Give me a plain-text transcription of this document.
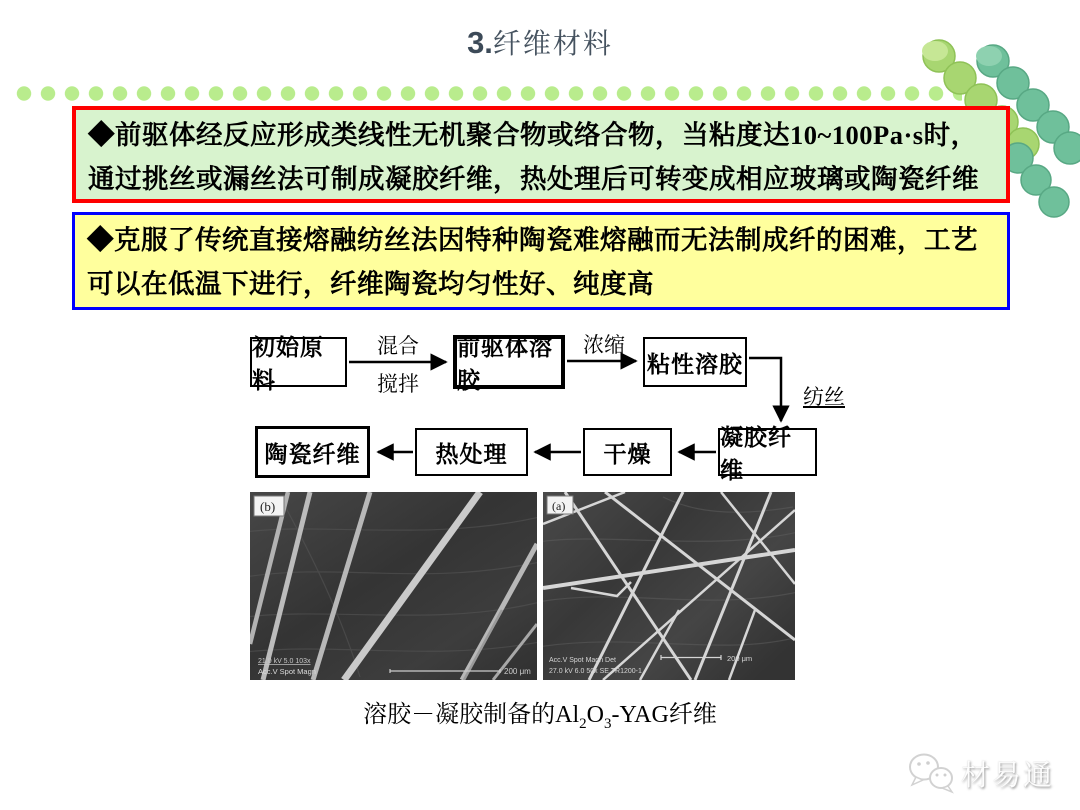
3.纤维材料
◆前驱体经反应形成类线性无机聚合物或络合物，当粘度达10~100Pa·s时，通过挑丝或漏丝法可制成凝胶纤维，热处理后可转变成相应玻璃或陶瓷纤维
◆克服了传统直接熔融纺丝法因特种陶瓷难熔融而无法制成纤的困难，工艺可以在低温下进行，纤维陶瓷均匀性好、纯度高
初始原料
前驱体溶胶
粘性溶胶
凝胶纤维
干燥
热处理
陶瓷纤维
混合
搅拌
浓缩
纺丝
(b)
21.0 kV 5.0 103x
Acc.V Spot Magn	200 μm
(a)
Acc.V Spot Magn Det
27.0 kV 6.0 50x SE TR1200-1
200 μm
溶胶－凝胶制备的$Al_2O_3$-YAG纤维
材易通
